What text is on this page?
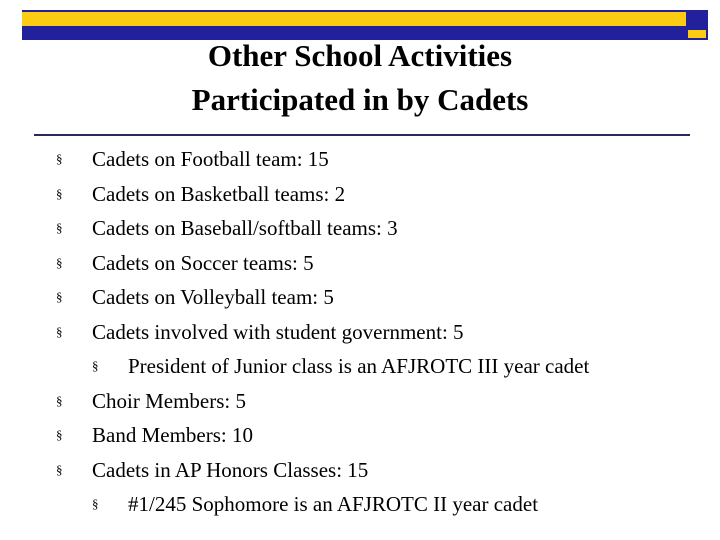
Other School Activities
Participated in by Cadets
§ Cadets on Football team: 15
§ Cadets on Basketball teams: 2
§ Cadets on Baseball/softball teams: 3
§ Cadets on Soccer teams: 5
§ Cadets on Volleyball team: 5
§ Cadets involved with student government: 5
§ President of Junior class is an AFJROTC III year cadet
§ Choir Members: 5
§ Band Members: 10
§ Cadets in AP Honors Classes: 15
§ #1/245 Sophomore is an AFJROTC II year cadet
